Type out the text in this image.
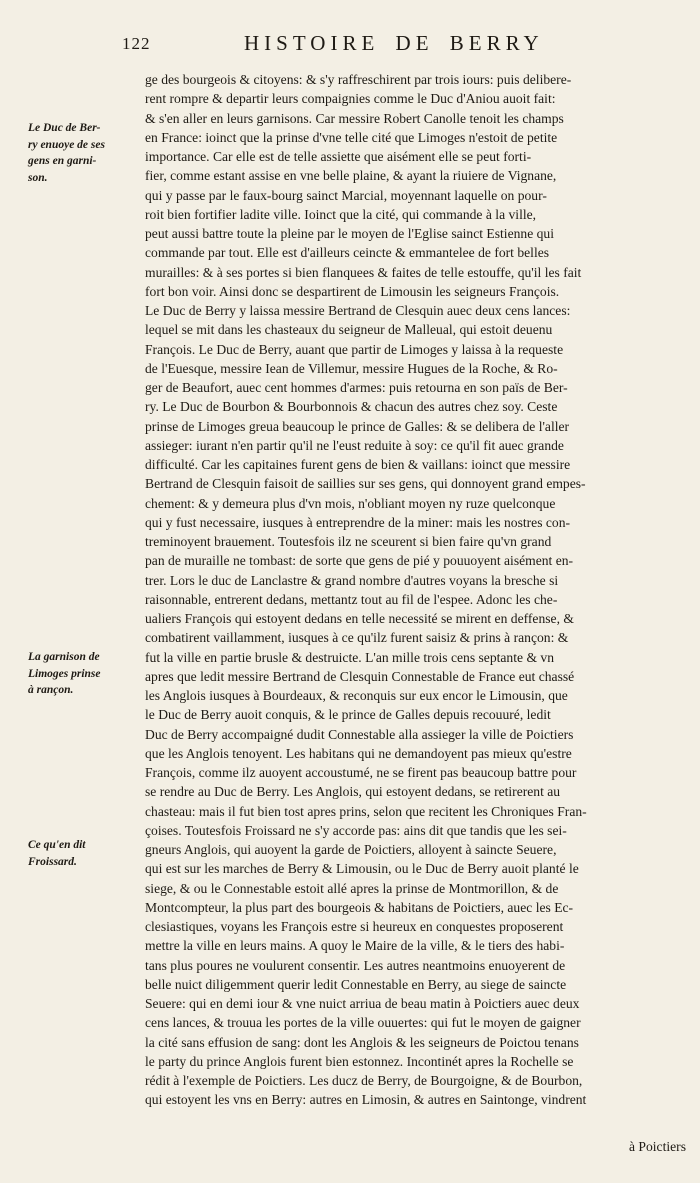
122	HISTOIRE DE BERRY
Le Duc de Ber-
ry enuoye de ses
gens en garni-
son.
La garnison de
Limoges prinse
à rançon.
Ce qu'en dit
Froissard.
ge des bourgeois & citoyens: & s'y raffreschirent par trois iours: puis delibere-
rent rompre & departir leurs compaignies comme le Duc d'Aniou auoit fait:
& s'en aller en leurs garnisons. Car messire Robert Canolle tenoit les champs
en France: ioinct que la prinse d'vne telle cité que Limoges n'estoit de petite
importance. Car elle est de telle assiette que aisément elle se peut forti-
fier, comme estant assise en vne belle plaine, & ayant la riuiere de Vignane,
qui y passe par le faux-bourg sainct Marcial, moyennant laquelle on pour-
roit bien fortifier ladite ville. Ioinct que la cité, qui commande à la ville,
peut aussi battre toute la pleine par le moyen de l'Eglise sainct Estienne qui
commande par tout. Elle est d'ailleurs ceincte & emmantelee de fort belles
murailles: & à ses portes si bien flanquees & faites de telle estouffe, qu'il les fait
fort bon voir. Ainsi donc se despartirent de Limousin les seigneurs François.
Le Duc de Berry y laissa messire Bertrand de Clesquin auec deux cens lances:
lequel se mit dans les chasteaux du seigneur de Malleual, qui estoit deuenu
François. Le Duc de Berry, auant que partir de Limoges y laissa à la requeste
de l'Euesque, messire Iean de Villemur, messire Hugues de la Roche, & Ro-
ger de Beaufort, auec cent hommes d'armes: puis retourna en son païs de Ber-
ry. Le Duc de Bourbon & Bourbonnois & chacun des autres chez soy. Ceste
prinse de Limoges greua beaucoup le prince de Galles: & se delibera de l'aller
assieger: iurant n'en partir qu'il ne l'eust reduite à soy: ce qu'il fit auec grande
difficulté. Car les capitaines furent gens de bien & vaillans: ioinct que messire
Bertrand de Clesquin faisoit de saillies sur ses gens, qui donnoyent grand empes-
chement: & y demeura plus d'vn mois, n'obliant moyen ny ruze quelconque
qui y fust necessaire, iusques à entreprendre de la miner: mais les nostres con-
treminoyent brauement. Toutesfois ilz ne sceurent si bien faire qu'vn grand
pan de muraille ne tombast: de sorte que gens de pié y pouuoyent aisément en-
trer. Lors le duc de Lanclastre & grand nombre d'autres voyans la bresche si
raisonnable, entrerent dedans, mettantz tout au fil de l'espee. Adonc les che-
ualiers François qui estoyent dedans en telle necessité se mirent en deffense, &
combatirent vaillamment, iusques à ce qu'ilz furent saisiz & prins à rançon: &
fut la ville en partie brusle & destruicte. L'an mille trois cens septante & vn
apres que ledit messire Bertrand de Clesquin Connestable de France eut chassé
les Anglois iusques à Bourdeaux, & reconquis sur eux encor le Limousin, que
le Duc de Berry auoit conquis, & le prince de Galles depuis recouuré, ledit
Duc de Berry accompaigné dudit Connestable alla assieger la ville de Poictiers
que les Anglois tenoyent. Les habitans qui ne demandoyent pas mieux qu'estre
François, comme ilz auoyent accoustumé, ne se firent pas beaucoup battre pour
se rendre au Duc de Berry. Les Anglois, qui estoyent dedans, se retirerent au
chasteau: mais il fut bien tost apres prins, selon que recitent les Chroniques Fran-
çoises. Toutesfois Froissard ne s'y accorde pas: ains dit que tandis que les sei-
gneurs Anglois, qui auoyent la garde de Poictiers, alloyent à saincte Seuere,
qui est sur les marches de Berry & Limousin, ou le Duc de Berry auoit planté le
siege, & ou le Connestable estoit allé apres la prinse de Montmorillon, & de
Montcompteur, la plus part des bourgeois & habitans de Poictiers, auec les Ec-
clesiastiques, voyans les François estre si heureux en conquestes proposerent
mettre la ville en leurs mains. A quoy le Maire de la ville, & le tiers des habi-
tans plus poures ne voulurent consentir. Les autres neantmoins enuoyerent de
belle nuict diligemment querir ledit Connestable en Berry, au siege de saincte
Seuere: qui en demi iour & vne nuict arriua de beau matin à Poictiers auec deux
cens lances, & trouua les portes de la ville ouuertes: qui fut le moyen de gaigner
la cité sans effusion de sang: dont les Anglois & les seigneurs de Poictou tenans
le party du prince Anglois furent bien estonnez. Incontinét apres la Rochelle se
rédit à l'exemple de Poictiers. Les ducz de Berry, de Bourgoigne, & de Bourbon,
qui estoyent les vns en Berry: autres en Limosin, & autres en Saintonge, vindrent
à Poictiers
